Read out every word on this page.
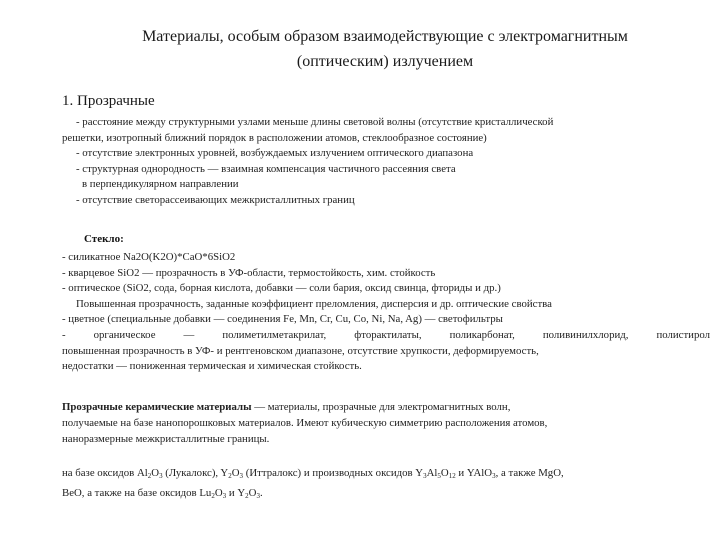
Материалы, особым образом взаимодействующие с электромагнитным
(оптическим) излучением
1. Прозрачные

- расстояние между структурными узлами меньше длины световой волны (отсутствие кристаллической

решетки, изотропный ближний порядок в расположении атомов, стеклообразное состояние)

- отсутствие электронных уровней, возбуждаемых излучением оптического диапазона

- структурная однородность — взаимная компенсация частичного рассеяния света

в перпендикулярном направлении

- отсутствие светорассеивающих межкристаллитных границ

Стекло:

- силикатное Na2O(K2O)*CaO*6SiO2

- кварцевое SiO2 — прозрачность в УФ-области, термостойкость, хим. стойкость

- оптическое (SiO2, сода, борная кислота, добавки — соли бария, оксид свинца, фториды и др.)

Повышенная прозрачность, заданные коэффициент преломления, дисперсия и др. оптические свойства

- цветное (специальные добавки — соединения Fe, Mn, Cr, Cu, Co, Ni, Na, Ag) — светофильтры

- органическое — полиметилметакрилат, фторактилаты, поликарбонат, поливинилхлорид, полистирол

повышенная прозрачность в УФ- и рентгеновском диапазоне, отсутствие хрупкости, деформируемость,

недостатки — пониженная термическая и химическая стойкость.

Прозрачные керамические материалы — материалы, прозрачные для электромагнитных волн,

получаемые на базе нанопорошковых материалов. Имеют кубическую симметрию расположения атомов,

наноразмерные межкристаллитные границы.

на базе оксидов $Al_2O_3$ (Лукалокс), $Y_2O_3$ (Иттралокс) и производных оксидов $Y_3Al_5O_{12}$ и YAlO$_3$, а также MgO,

BeO, а также на базе оксидов $Lu_2O_3$ и $Y_2O_3$.
